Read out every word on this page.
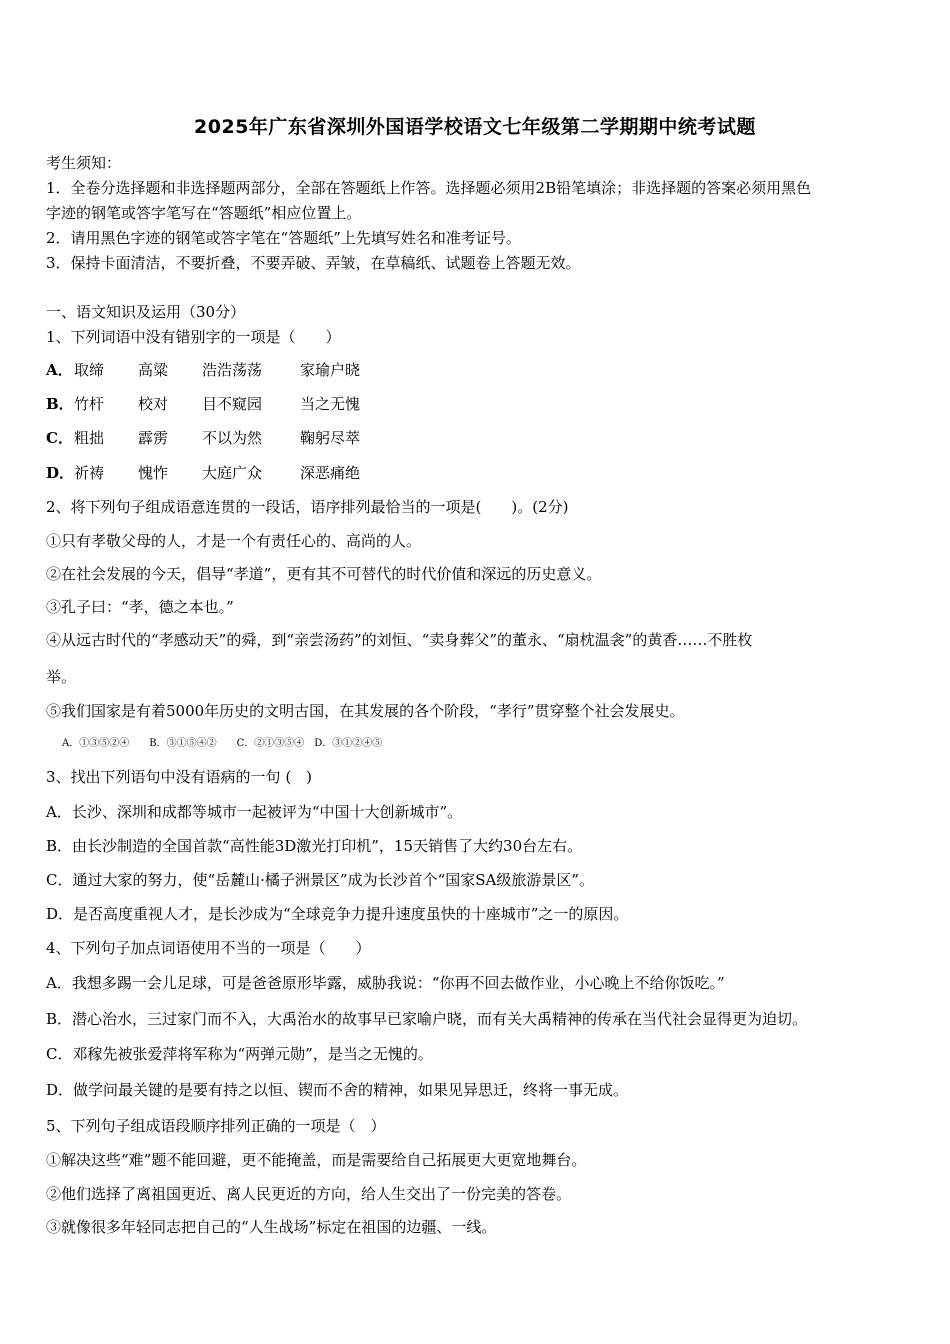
2025年广东省深圳外国语学校语文七年级第二学期期中统考试题
考生须知：
1．全卷分选择题和非选择题两部分，全部在答题纸上作答。选择题必须用2B铅笔填涂；非选择题的答案必须用黑色
字迹的钢笔或答字笔写在“答题纸”相应位置上。
2．请用黑色字迹的钢笔或答字笔在“答题纸”上先填写姓名和准考证号。
3．保持卡面清洁，不要折叠，不要弄破、弄皱，在草稿纸、试题卷上答题无效。
一、语文知识及运用（30分）
1、下列词语中没有错别字的一项是（　　）
A．取缔 高粱 浩浩荡荡	家瑜户晓
B．竹杆 校对 目不窥园	当之无愧
C．粗拙 霹雳 不以为然	鞠躬尽萃
D．祈祷 愧怍 大庭广众	深恶痛绝
2、将下列句子组成语意连贯的一段话，语序排列最恰当的一项是(　　)。(2分)
①只有孝敬父母的人，才是一个有责任心的、高尚的人。
②在社会发展的今天，倡导“孝道”，更有其不可替代的时代价值和深远的历史意义。
③孔子曰：“孝，德之本也。”
④从远古时代的“孝感动天”的舜，到“亲尝汤药”的刘恒、“卖身葬父”的董永、“扇枕温衾”的黄香……不胜枚
举。
⑤我们国家是有着5000年历史的文明古国，在其发展的各个阶段，“孝行”贯穿整个社会发展史。
A．①③⑤②④　　B．③①⑤④②　　C．②①③⑤④　D．③①②④⑤
3、找出下列语句中没有语病的一句 (　)
A．长沙、深圳和成都等城市一起被评为“中国十大创新城市”。
B．由长沙制造的全国首款“高性能3D激光打印机”，15天销售了大约30台左右。
C．通过大家的努力，使“岳麓山·橘子洲景区”成为长沙首个“国家SA级旅游景区”。
D．是否高度重视人才，是长沙成为“全球竞争力提升速度虽快的十座城市”之一的原因。
4、下列句子加点词语使用不当的一项是（　　）
A．我想多踢一会儿足球，可是爸爸原形毕露，威胁我说：“你再不回去做作业，小心晚上不给你饭吃。”
B．潜心治水，三过家门而不入，大禹治水的故事早已家喻户晓，而有关大禹精神的传承在当代社会显得更为迫切。
C．邓稼先被张爱萍将军称为“两弹元勋”，是当之无愧的。
D．做学问最关键的是要有持之以恒、锲而不舍的精神，如果见异思迁，终将一事无成。
5、下列句子组成语段顺序排列正确的一项是（　）
①解决这些“难”题不能回避，更不能掩盖，而是需要给自己拓展更大更宽地舞台。
②他们选择了离祖国更近、离人民更近的方向，给人生交出了一份完美的答卷。
③就像很多年轻同志把自己的“人生战场”标定在祖国的边疆、一线。
